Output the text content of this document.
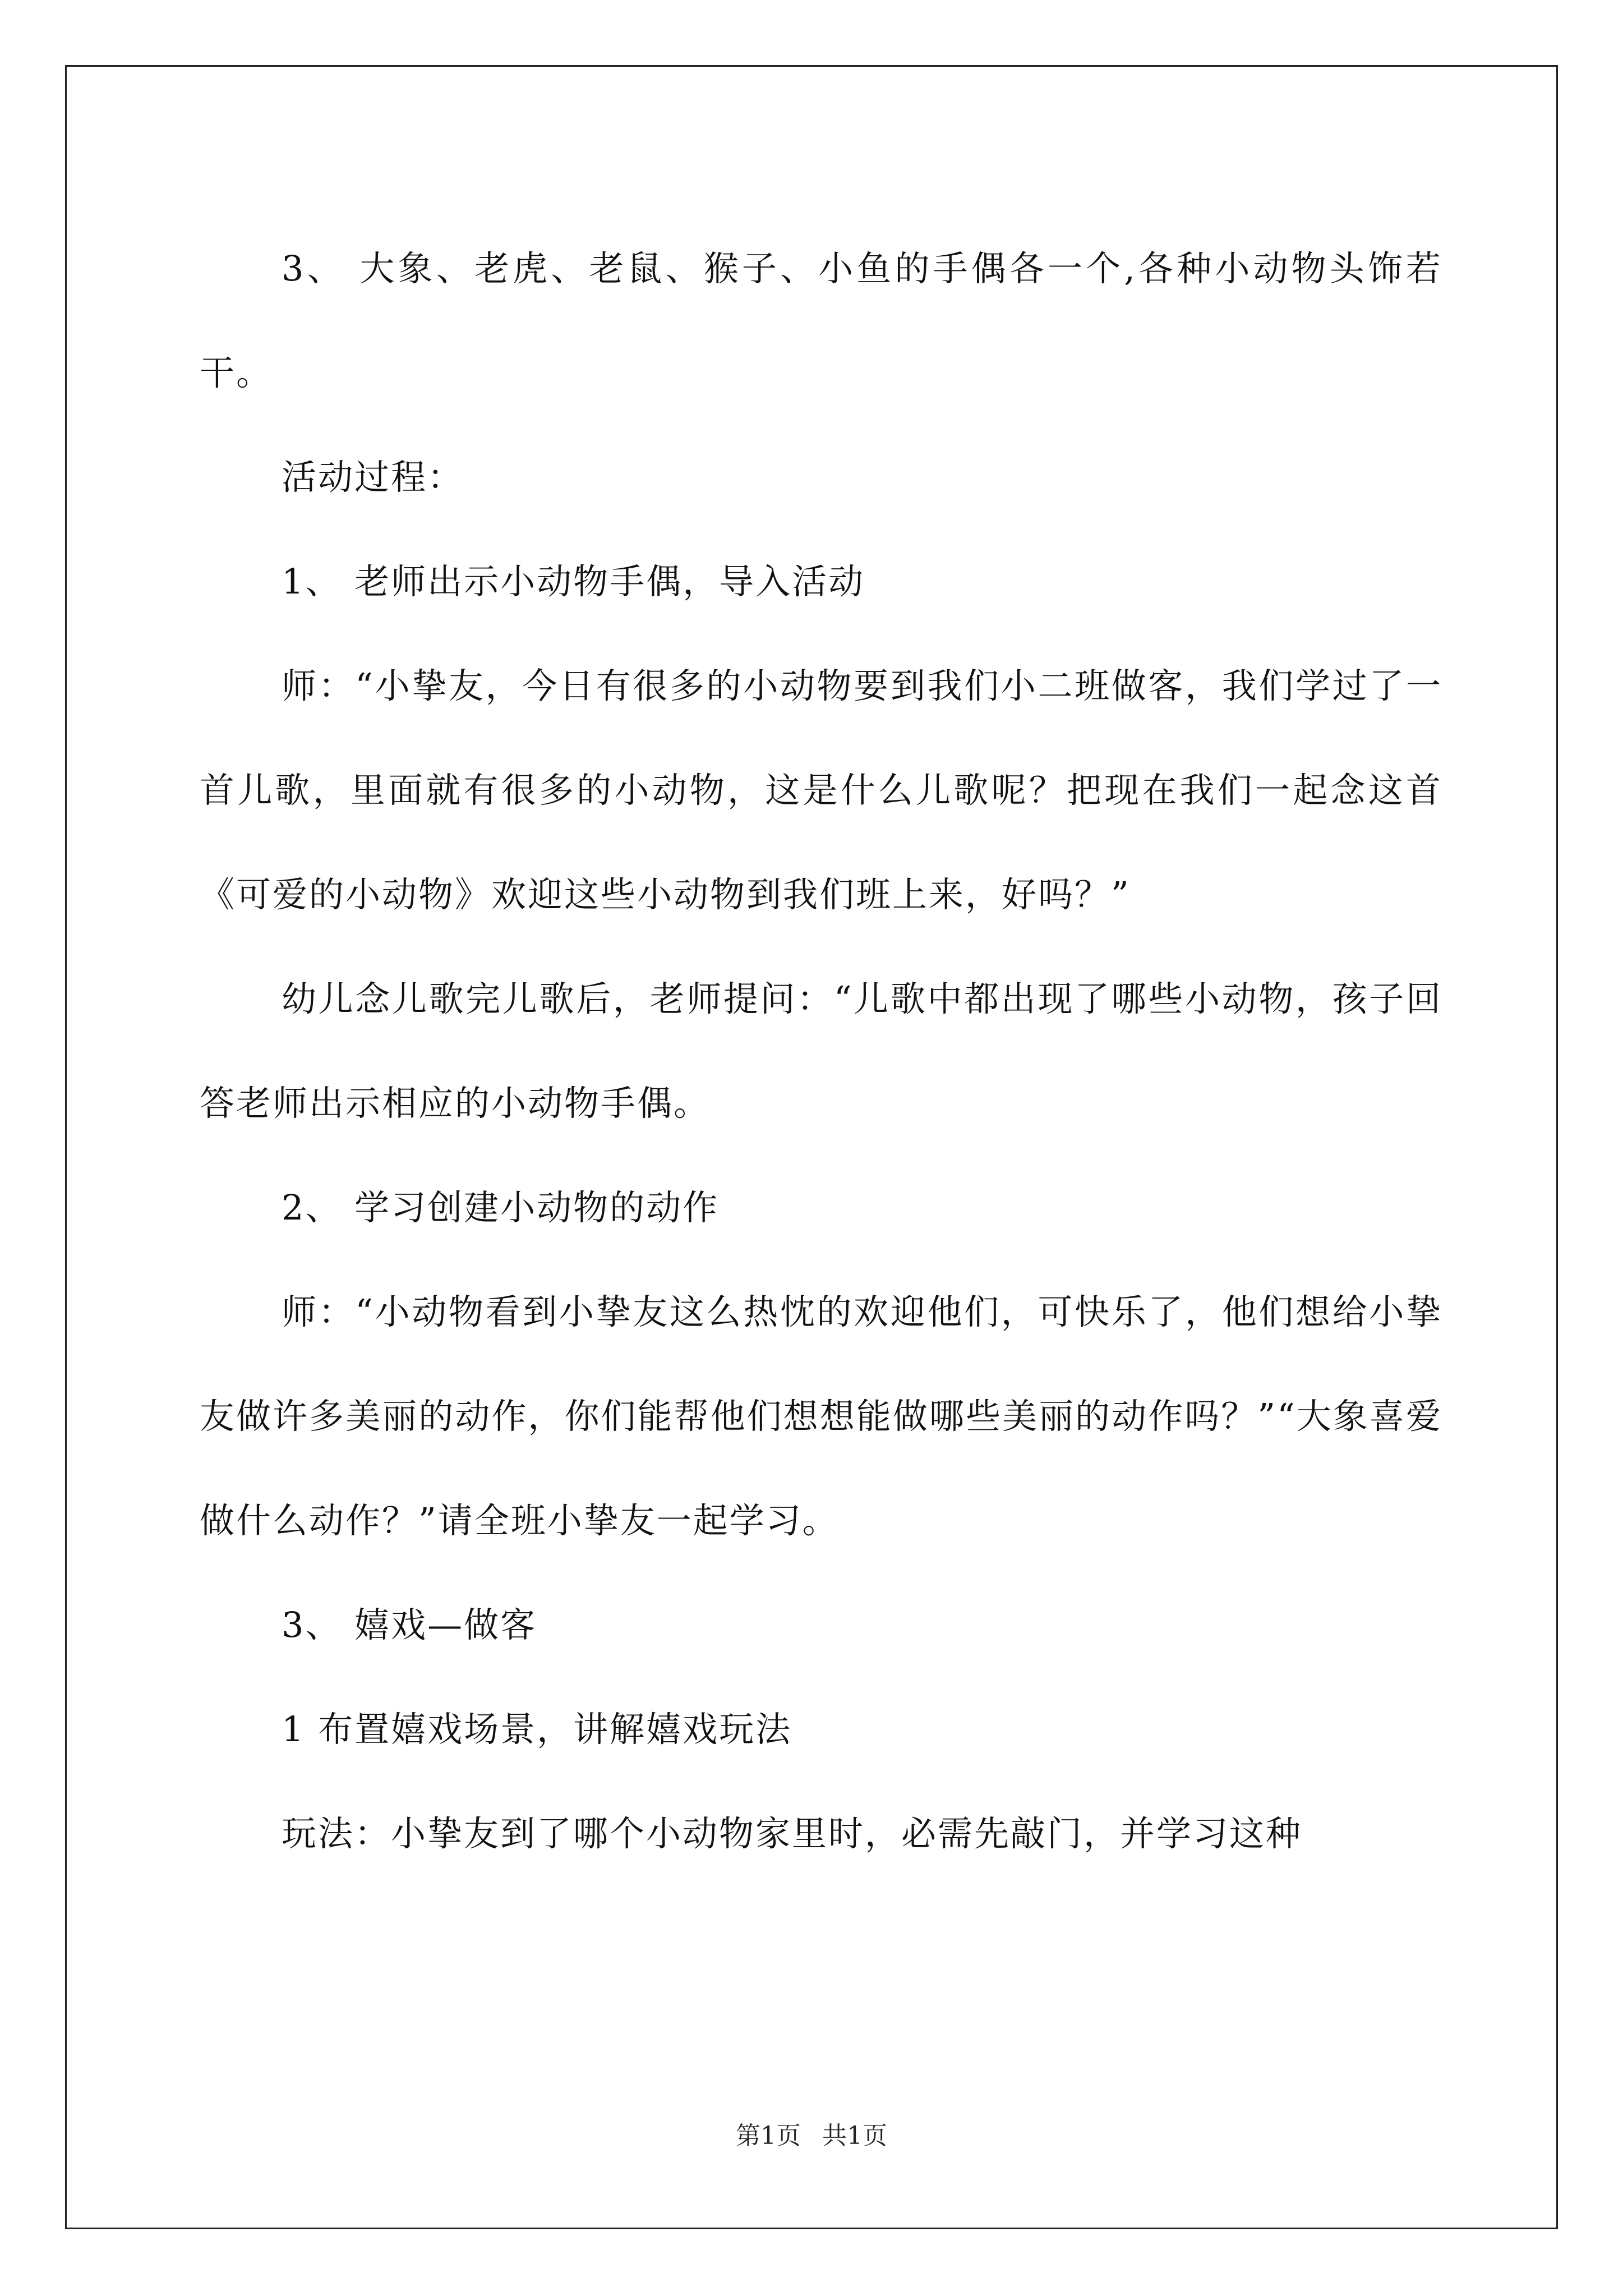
3、 大象、老虎、老鼠、猴子、小鱼的手偶各一个,各种小动物头饰若干。

活动过程：

1、 老师出示小动物手偶，导入活动

师：“小挚友，今日有很多的小动物要到我们小二班做客，我们学过了一首儿歌，里面就有很多的小动物，这是什么儿歌呢？把现在我们一起念这首《可爱的小动物》欢迎这些小动物到我们班上来，好吗？”

幼儿念儿歌完儿歌后，老师提问：“儿歌中都出现了哪些小动物，孩子回答老师出示相应的小动物手偶。

2、 学习创建小动物的动作

师：“小动物看到小挚友这么热忱的欢迎他们，可快乐了，他们想给小挚友做许多美丽的动作，你们能帮他们想想能做哪些美丽的动作吗？”“大象喜爱做什么动作？”请全班小挚友一起学习。

3、 嬉戏—做客

1 布置嬉戏场景，讲解嬉戏玩法

玩法：小挚友到了哪个小动物家里时，必需先敲门，并学习这种

第1页 共1页
